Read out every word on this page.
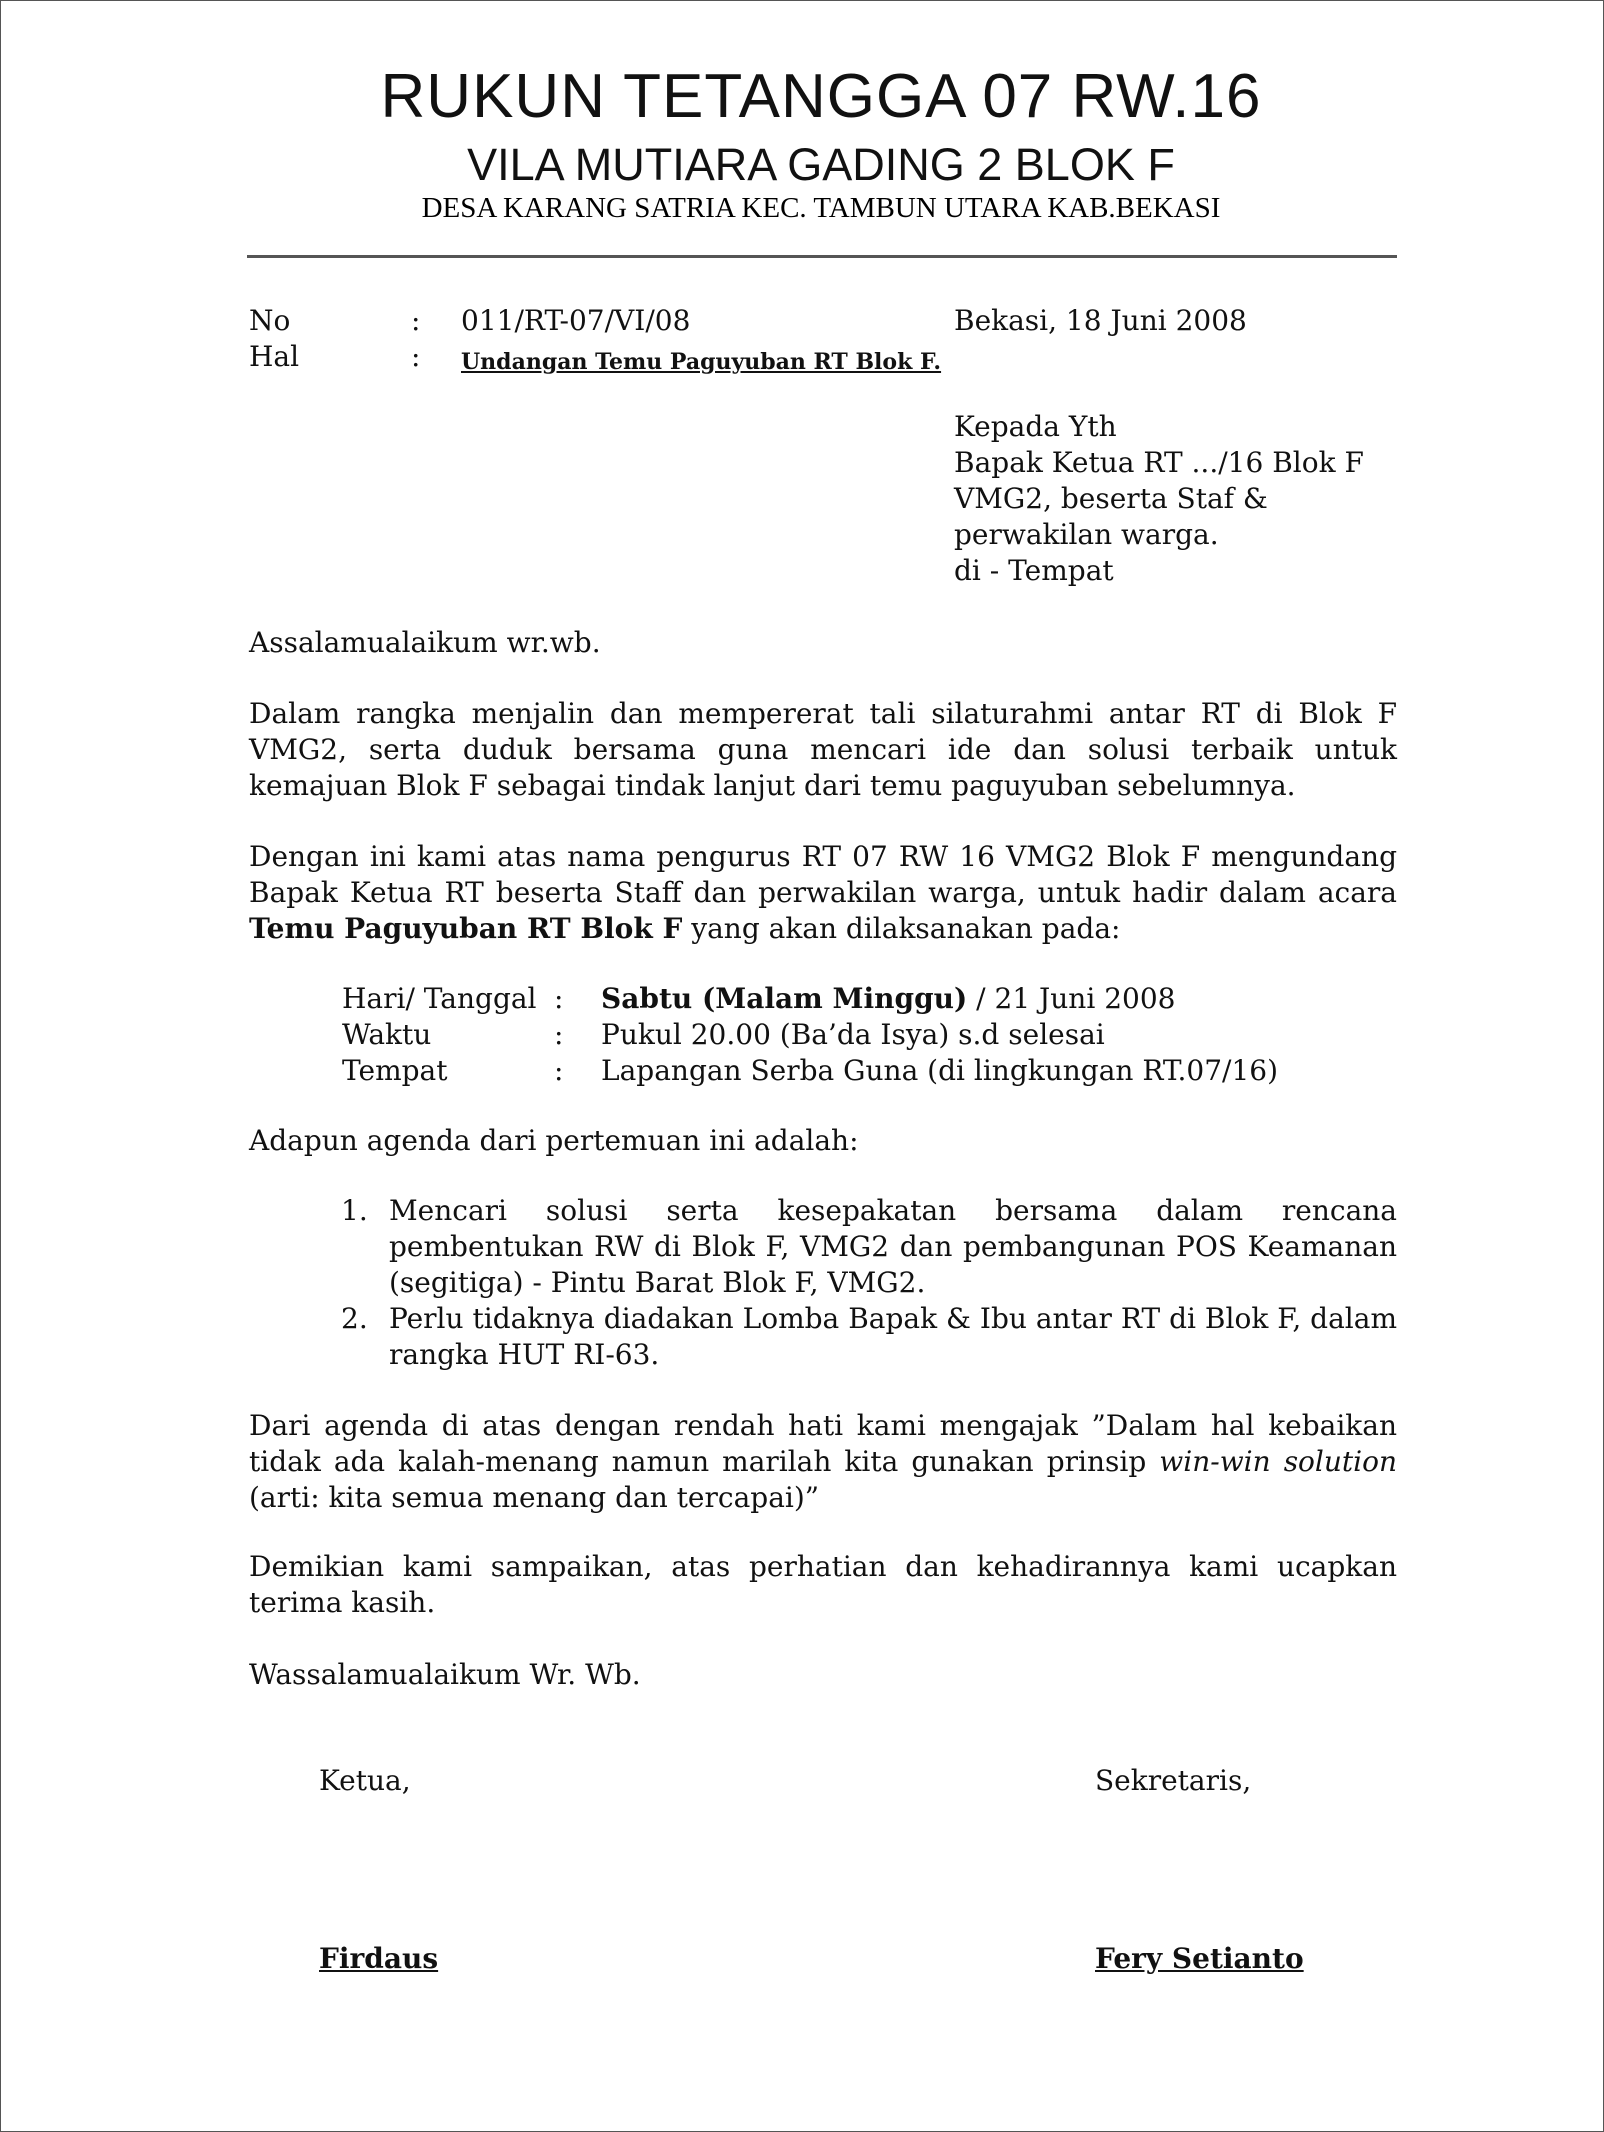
RUKUN TETANGGA 07 RW.16
VILA MUTIARA GADING 2 BLOK F
DESA KARANG SATRIA KEC. TAMBUN UTARA KAB.BEKASI
No	: 011/RT-07/VI/08	Bekasi, 18 Juni 2008
Hal	: Undangan Temu Paguyuban RT Blok F.
Kepada Yth
Bapak Ketua RT .../16 Blok F
VMG2, beserta Staf &
perwakilan warga.
di - Tempat
Assalamualaikum wr.wb.
Dalam rangka menjalin dan mempererat tali silaturahmi antar RT di Blok F VMG2, serta duduk bersama guna mencari ide dan solusi terbaik untuk kemajuan Blok F sebagai tindak lanjut dari temu paguyuban sebelumnya.
Dengan ini kami atas nama pengurus RT 07 RW 16 VMG2 Blok F mengundang Bapak Ketua RT beserta Staff dan perwakilan warga, untuk hadir dalam acara Temu Paguyuban RT Blok F yang akan dilaksanakan pada:
Hari/ Tanggal : Sabtu (Malam Minggu) / 21 Juni 2008
Waktu	: Pukul 20.00 (Ba’da Isya) s.d selesai
Tempat	: Lapangan Serba Guna (di lingkungan RT.07/16)
Adapun agenda dari pertemuan ini adalah:
1. Mencari solusi serta kesepakatan bersama dalam rencana pembentukan RW di Blok F, VMG2 dan pembangunan POS Keamanan (segitiga) - Pintu Barat Blok F, VMG2.
2. Perlu tidaknya diadakan Lomba Bapak & Ibu antar RT di Blok F, dalam rangka HUT RI-63.
Dari agenda di atas dengan rendah hati kami mengajak ”Dalam hal kebaikan tidak ada kalah-menang namun marilah kita gunakan prinsip win-win solution (arti: kita semua menang dan tercapai)”
Demikian kami sampaikan, atas perhatian dan kehadirannya kami ucapkan terima kasih.
Wassalamualaikum Wr. Wb.
Ketua,	Sekretaris,
Firdaus	Fery Setianto
